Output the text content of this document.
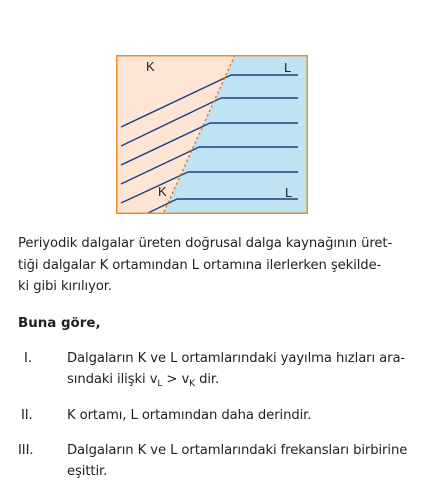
K	L
K	L
Periyodik dalgalar üreten doğrusal dalga kaynağının üret-
tiği dalgalar K ortamından L ortamına ilerlerken şekilde-
ki gibi kırılıyor.
Buna göre,
I.	Dalgaların K ve L ortamlarındaki yayılma hızları ara-
sındaki ilişki $v_L > v_K$ dir.
II.	K ortamı, L ortamından daha derindir.
III.	Dalgaların K ve L ortamlarındaki frekansları birbirine
eşittir.
